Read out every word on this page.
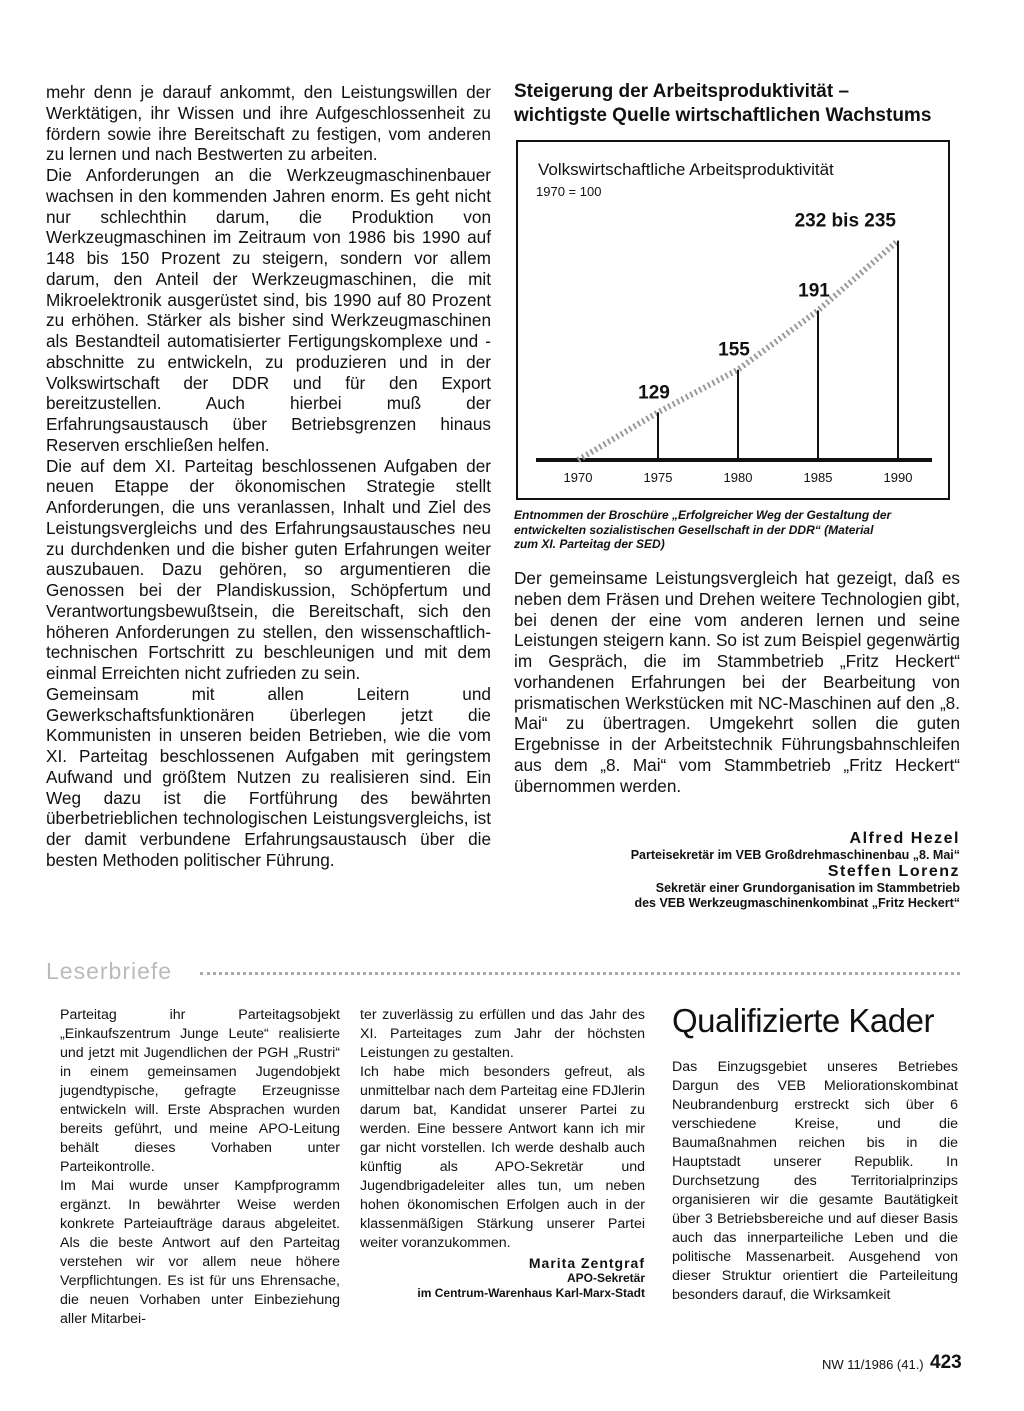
mehr denn je darauf ankommt, den Leistungswillen der Werktätigen, ihr Wissen und ihre Aufgeschlossenheit zu fördern sowie ihre Bereitschaft zu festigen, vom anderen zu lernen und nach Bestwerten zu arbeiten.

Die Anforderungen an die Werkzeugmaschinenbauer wachsen in den kommenden Jahren enorm. Es geht nicht nur schlechthin darum, die Produktion von Werkzeugmaschinen im Zeitraum von 1986 bis 1990 auf 148 bis 150 Prozent zu steigern, sondern vor allem darum, den Anteil der Werkzeugmaschinen, die mit Mikroelektronik ausgerüstet sind, bis 1990 auf 80 Prozent zu erhöhen. Stärker als bisher sind Werkzeugmaschinen als Bestandteil automatisierter Fertigungskomplexe und -abschnitte zu entwickeln, zu produzieren und in der Volkswirtschaft der DDR und für den Export bereitzustellen. Auch hierbei muß der Erfahrungsaustausch über Betriebsgrenzen hinaus Reserven erschließen helfen.

Die auf dem XI. Parteitag beschlossenen Aufgaben der neuen Etappe der ökonomischen Strategie stellt Anforderungen, die uns veranlassen, Inhalt und Ziel des Leistungsvergleichs und des Erfahrungsaustausches neu zu durchdenken und die bisher guten Erfahrungen weiter auszubauen. Dazu gehören, so argumentieren die Genossen bei der Plandiskussion, Schöpfertum und Verantwortungsbewußtsein, die Bereitschaft, sich den höheren Anforderungen zu stellen, den wissenschaftlich-technischen Fortschritt zu beschleunigen und mit dem einmal Erreichten nicht zufrieden zu sein.

Gemeinsam mit allen Leitern und Gewerkschaftsfunktionären überlegen jetzt die Kommunisten in unseren beiden Betrieben, wie die vom XI. Parteitag beschlossenen Aufgaben mit geringstem Aufwand und größtem Nutzen zu realisieren sind. Ein Weg dazu ist die Fortführung des bewährten überbetrieblichen technologischen Leistungsvergleichs, ist der damit verbundene Erfahrungsaustausch über die besten Methoden politischer Führung.

Steigerung der Arbeitsproduktivität –
wichtigste Quelle wirtschaftlichen Wachstums
1970
129
1975
155
1980
191
1985
232 bis 235
1990
Volkswirtschaftliche Arbeitsproduktivität
1970 = 100
Entnommen der Broschüre „Erfolgreicher Weg der Gestaltung der
entwickelten sozialistischen Gesellschaft in der DDR“ (Material
zum XI. Parteitag der SED)

Der gemeinsame Leistungsvergleich hat gezeigt, daß es neben dem Fräsen und Drehen weitere Technologien gibt, bei denen der eine vom anderen lernen und seine Leistungen steigern kann. So ist zum Beispiel gegenwärtig im Gespräch, die im Stammbetrieb „Fritz Heckert“ vorhandenen Erfahrungen bei der Bearbeitung von prismatischen Werkstücken mit NC-Maschinen auf den „8. Mai“ zu übertragen. Umgekehrt sollen die guten Ergebnisse in der Arbeitstechnik Führungsbahnschleifen aus dem „8. Mai“ vom Stammbetrieb „Fritz Heckert“ übernommen werden.

Alfred Hezel
Parteisekretär im VEB Großdrehmaschinenbau „8. Mai“
Steffen Lorenz
Sekretär einer Grundorganisation im Stammbetrieb
des VEB Werkzeugmaschinenkombinat „Fritz Heckert“
Leserbriefe
Parteitag ihr Parteitagsobjekt „Einkaufszentrum Junge Leute“ realisierte und jetzt mit Jugendlichen der PGH „Rustri“ in einem gemeinsamen Jugendobjekt jugendtypische, gefragte Erzeugnisse entwickeln will. Erste Absprachen wurden bereits geführt, und meine APO-Leitung behält dieses Vorhaben unter Parteikontrolle.
Im Mai wurde unser Kampfprogramm ergänzt. In bewährter Weise werden konkrete Parteiaufträge daraus abgeleitet. Als die beste Antwort auf den Parteitag verstehen wir vor allem neue höhere Verpflichtungen. Es ist für uns Ehrensache, die neuen Vorhaben unter Einbeziehung aller Mitarbei-
ter zuverlässig zu erfüllen und das Jahr des XI. Parteitages zum Jahr der höchsten Leistungen zu gestalten.
Ich habe mich besonders gefreut, als unmittelbar nach dem Parteitag eine FDJlerin darum bat, Kandidat unserer Partei zu werden. Eine bessere Antwort kann ich mir gar nicht vorstellen. Ich werde deshalb auch künftig als APO-Sekretär und Jugendbrigadeleiter alles tun, um neben hohen ökonomischen Erfolgen auch in der klassenmäßigen Stärkung unserer Partei weiter voranzukommen.
Marita Zentgraf
APO-Sekretär
im Centrum-Warenhaus Karl-Marx-Stadt
Qualifizierte Kader
Das Einzugsgebiet unseres Betriebes Dargun des VEB Meliorationskombinat Neubrandenburg erstreckt sich über 6 verschiedene Kreise, und die Baumaßnahmen reichen bis in die Hauptstadt unserer Republik. In Durchsetzung des Territorialprinzips organisieren wir die gesamte Bautätigkeit über 3 Betriebsbereiche und auf dieser Basis auch das innerparteiliche Leben und die politische Massenarbeit. Ausgehend von dieser Struktur orientiert die Parteileitung besonders darauf, die Wirksamkeit
NW 11/1986 (41.) 423
